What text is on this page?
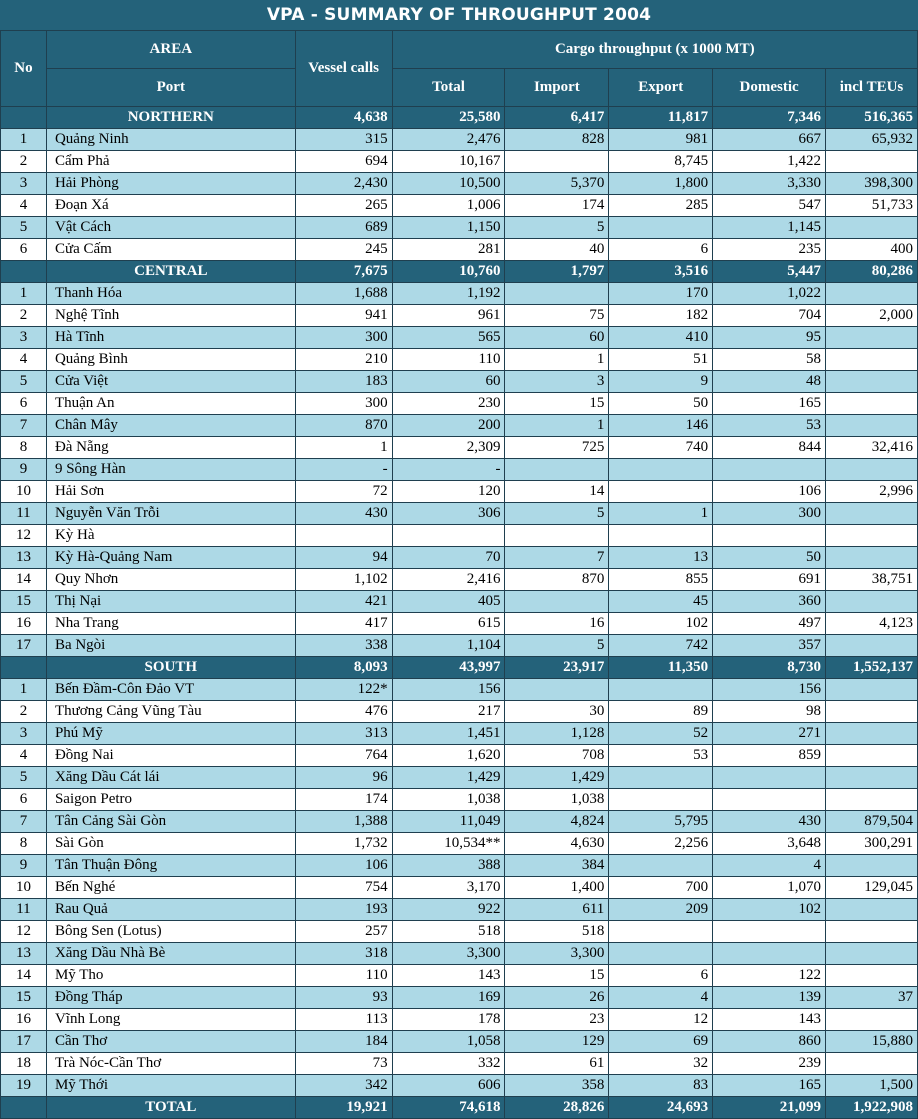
VPA - SUMMARY OF THROUGHPUT 2004
No	AREA	Vessel calls	Cargo throughput (x 1000 MT)				
	Port		Total	Import	Export	Domestic	incl TEUs
	NORTHERN	4,638	25,580	6,417	11,817	7,346	516,365
1	Quảng Ninh	315	2,476	828	981	667	65,932
2	Cẩm Phả	694	10,167		8,745	1,422	
3	Hải Phòng	2,430	10,500	5,370	1,800	3,330	398,300
4	Đoạn Xá	265	1,006	174	285	547	51,733
5	Vật Cách	689	1,150	5		1,145	
6	Cửa Cấm	245	281	40	6	235	400
	CENTRAL	7,675	10,760	1,797	3,516	5,447	80,286
1	Thanh Hóa	1,688	1,192		170	1,022	
2	Nghệ Tĩnh	941	961	75	182	704	2,000
3	Hà Tĩnh	300	565	60	410	95	
4	Quảng Bình	210	110	1	51	58	
5	Cửa Việt	183	60	3	9	48	
6	Thuận An	300	230	15	50	165	
7	Chân Mây	870	200	1	146	53	
8	Đà Nẵng	1	2,309	725	740	844	32,416
9	9 Sông Hàn	-	-				
10	Hải Sơn	72	120	14		106	2,996
11	Nguyễn Văn Trỗi	430	306	5	1	300	
12	Kỳ Hà						
13	Kỳ Hà-Quảng Nam	94	70	7	13	50	
14	Quy Nhơn	1,102	2,416	870	855	691	38,751
15	Thị Nại	421	405		45	360	
16	Nha Trang	417	615	16	102	497	4,123
17	Ba Ngòi	338	1,104	5	742	357	
	SOUTH	8,093	43,997	23,917	11,350	8,730	1,552,137
1	Bến Đầm-Côn Đảo VT	122*	156			156	
2	Thương Cảng Vũng Tàu	476	217	30	89	98	
3	Phú Mỹ	313	1,451	1,128	52	271	
4	Đồng Nai	764	1,620	708	53	859	
5	Xăng Dầu Cát lái	96	1,429	1,429			
6	Saigon Petro	174	1,038	1,038			
7	Tân Cảng Sài Gòn	1,388	11,049	4,824	5,795	430	879,504
8	Sài Gòn	1,732	10,534**	4,630	2,256	3,648	300,291
9	Tân Thuận Đông	106	388	384		4	
10	Bến Nghé	754	3,170	1,400	700	1,070	129,045
11	Rau Quả	193	922	611	209	102	
12	Bông Sen (Lotus)	257	518	518			
13	Xăng Dầu Nhà Bè	318	3,300	3,300			
14	Mỹ Tho	110	143	15	6	122	
15	Đồng Tháp	93	169	26	4	139	37
16	Vĩnh Long	113	178	23	12	143	
17	Cần Thơ	184	1,058	129	69	860	15,880
18	Trà Nóc-Cần Thơ	73	332	61	32	239	
19	Mỹ Thới	342	606	358	83	165	1,500
	TOTAL	19,921	74,618	28,826	24,693	21,099	1,922,908
